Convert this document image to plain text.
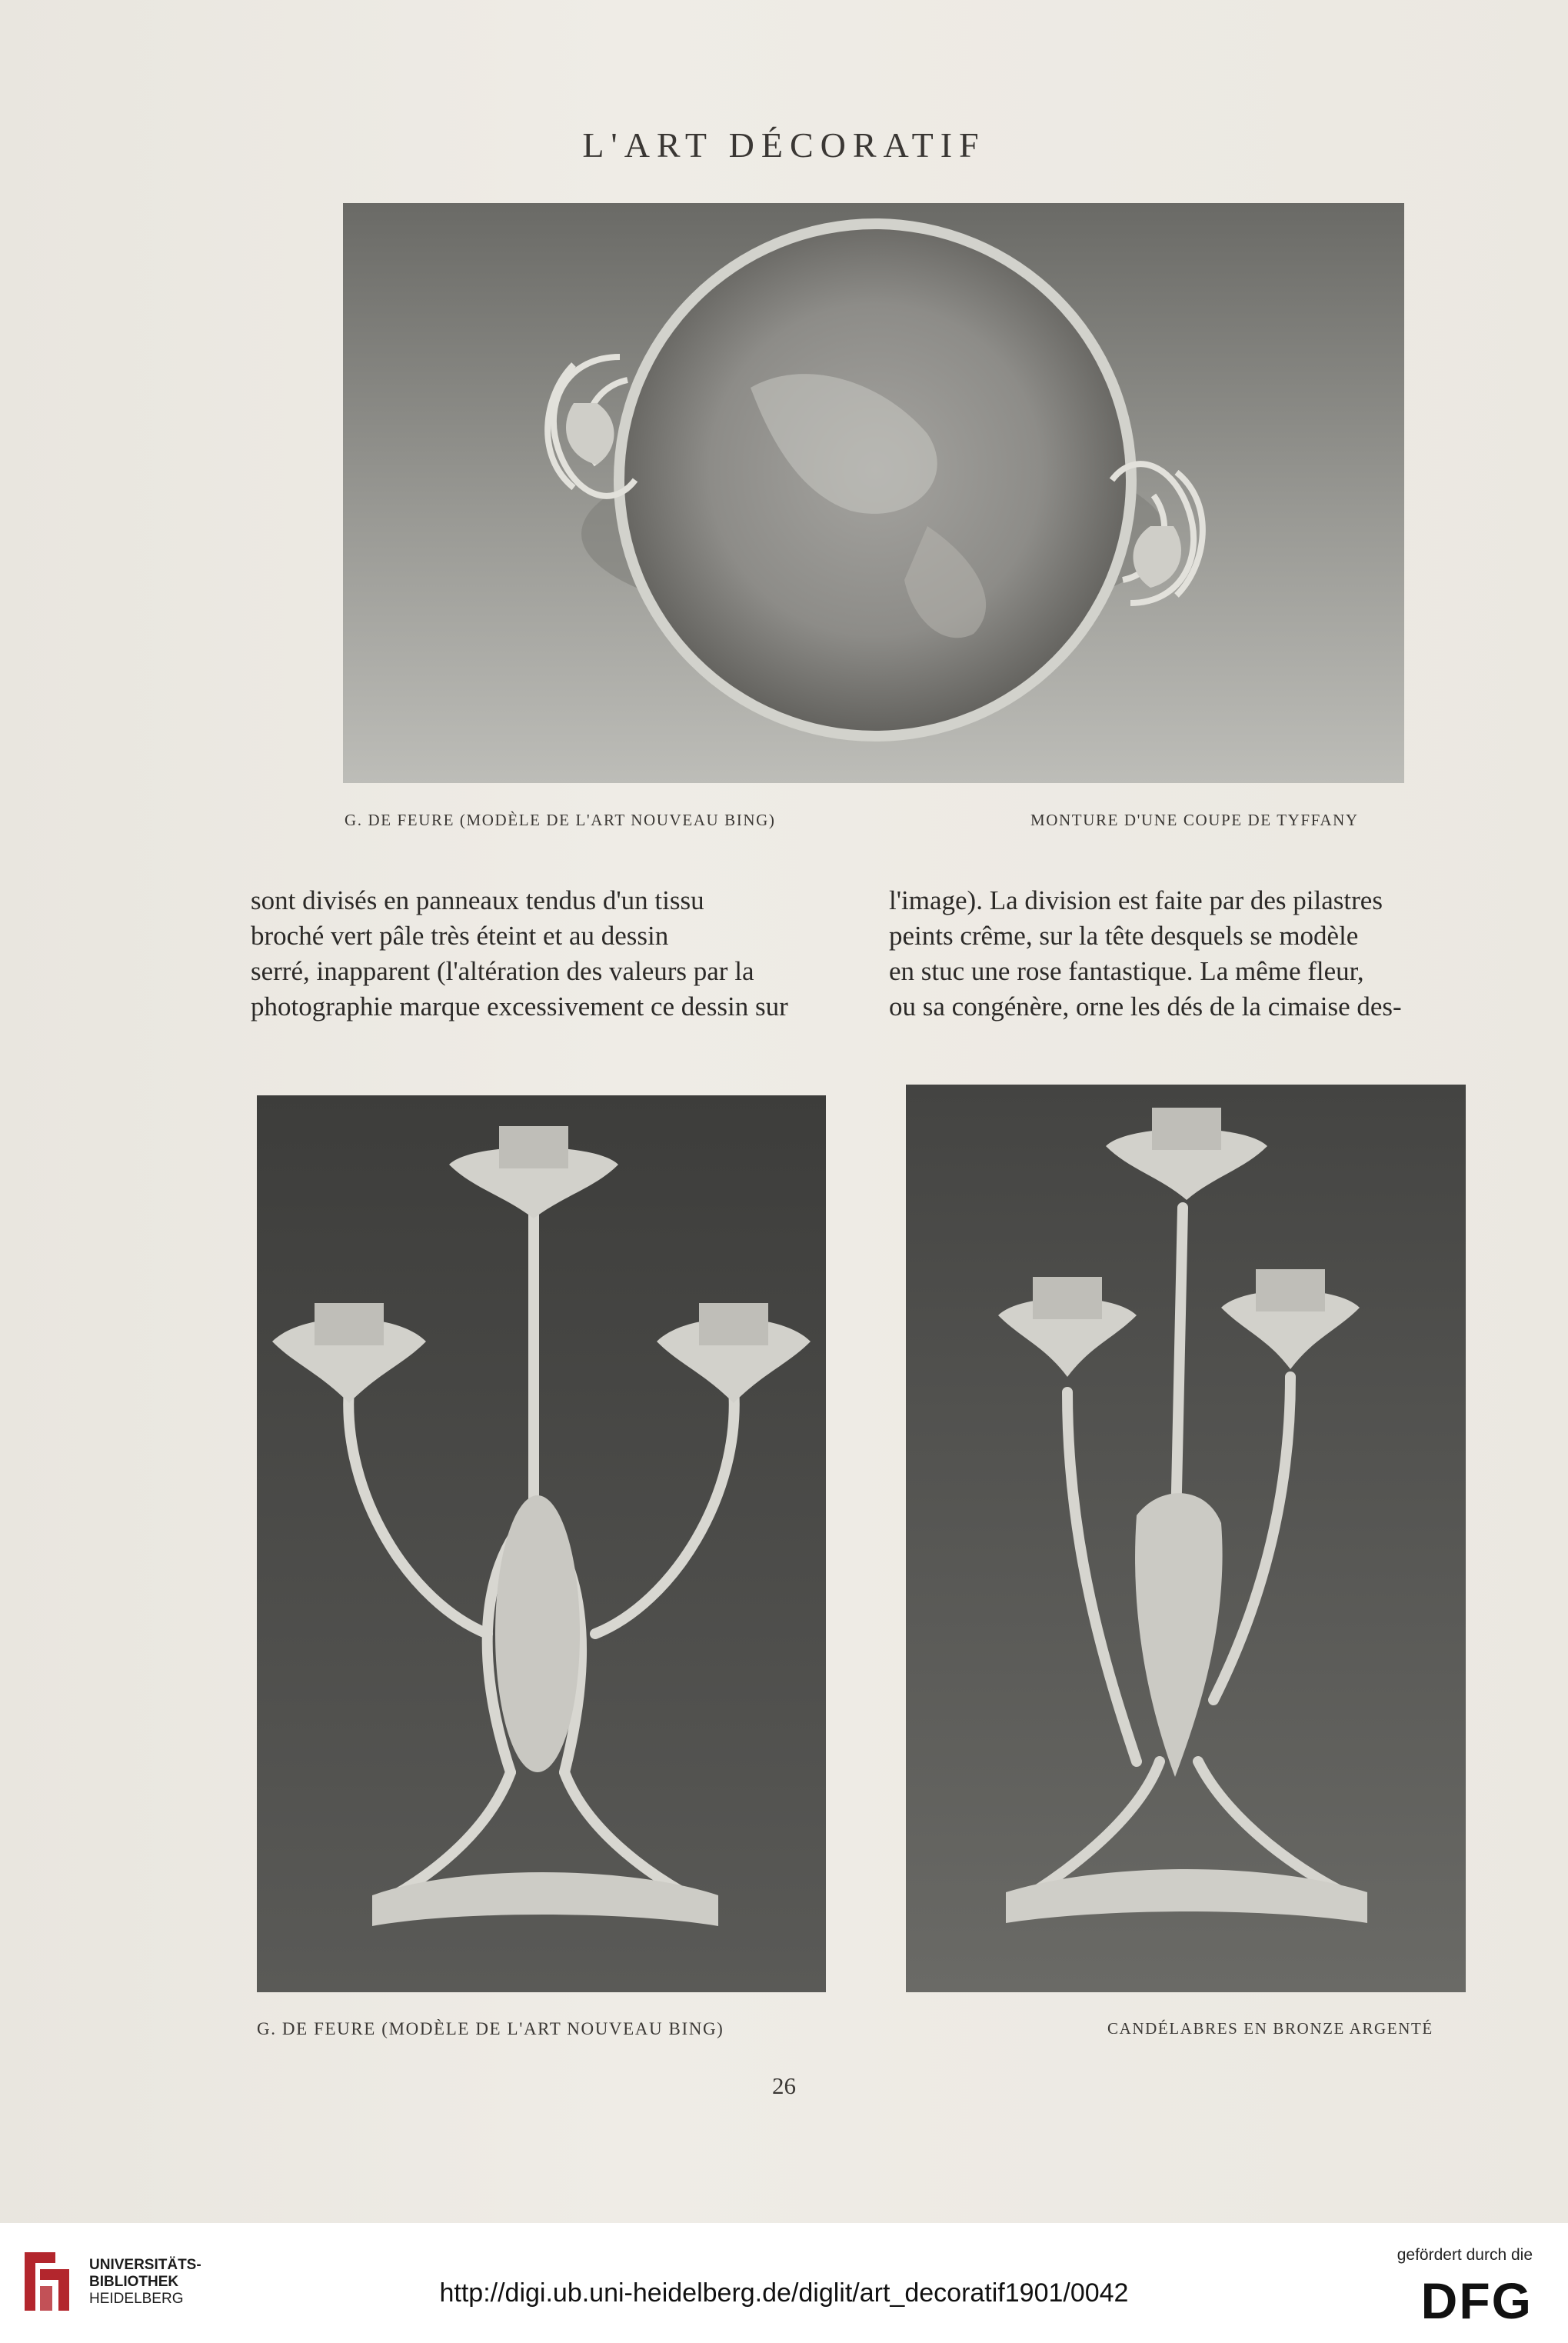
L'ART DÉCORATIF
G. DE FEURE (MODÈLE DE L'ART NOUVEAU BING)	MONTURE D'UNE COUPE DE TYFFANY

sont divisés en panneaux tendus d'un tissu

broché vert pâle très éteint et au dessin

serré, inapparent (l'altération des valeurs par la

photographie marque excessivement ce dessin sur

l'image). La division est faite par des pilastres

peints crême, sur la tête desquels se modèle

en stuc une rose fantastique. La même fleur,

ou sa congénère, orne les dés de la cimaise des-

G. DE FEURE (MODÈLE DE L'ART NOUVEAU BING)	CANDÉLABRES EN BRONZE ARGENTÉ
26
UNIVERSITÄTS-
BIBLIOTHEK
HEIDELBERG	http://digi.ub.uni-heidelberg.de/diglit/art_decoratif1901/0042
gefördert durch die
DFG
